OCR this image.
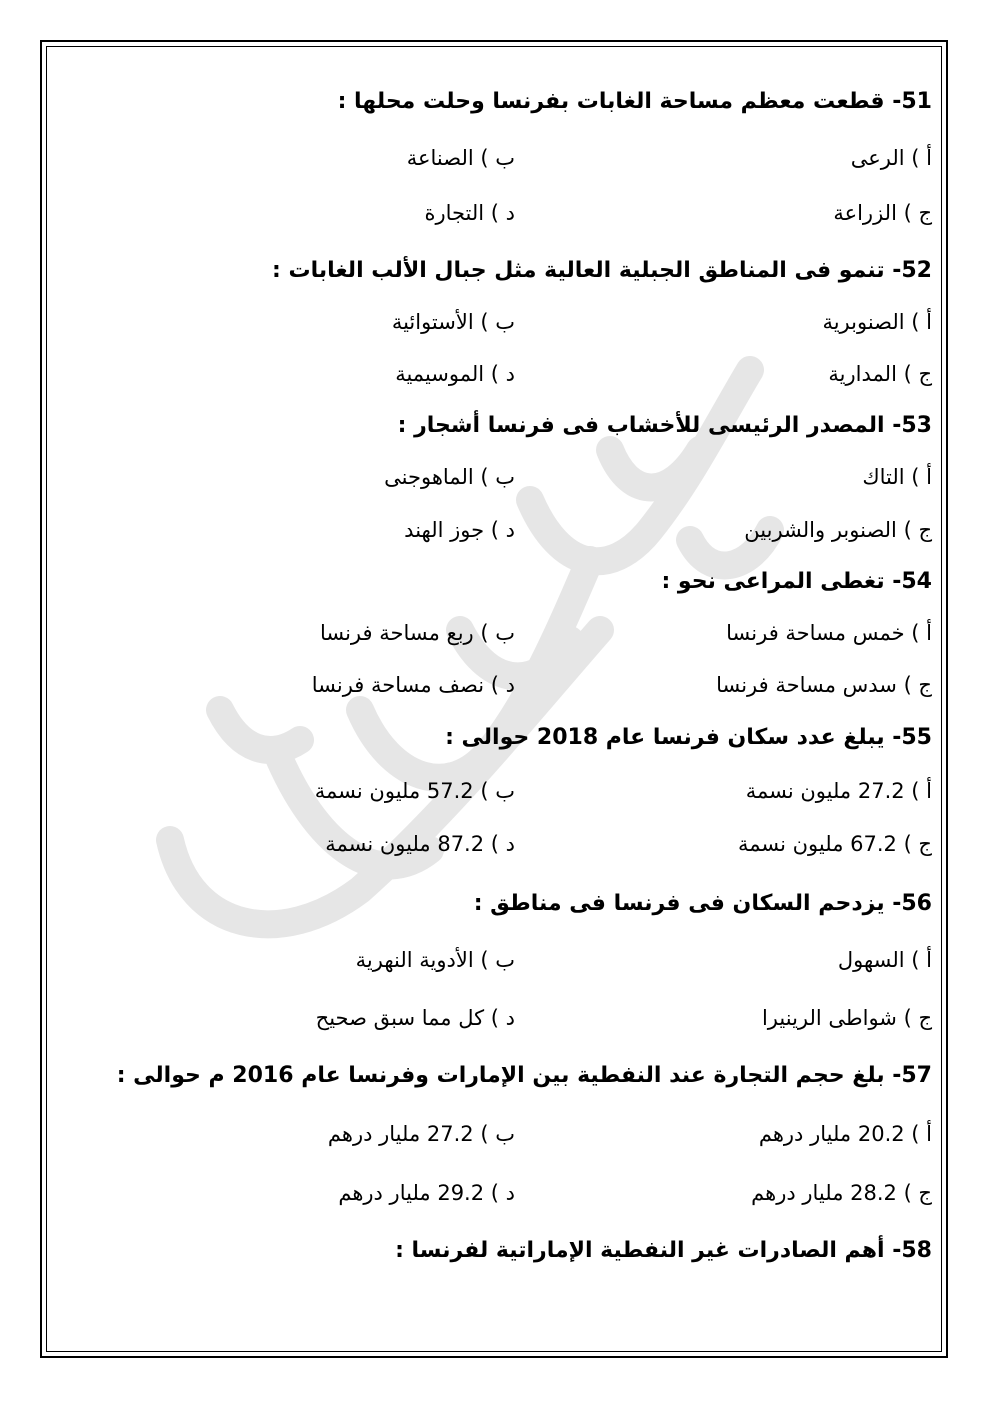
51- قطعت معظم مساحة الغابات بفرنسا وحلت محلها :
أ ) الرعى
ب ) الصناعة
ج ) الزراعة
د ) التجارة
52- تنمو فى المناطق الجبلية العالية مثل جبال الألب الغابات :
أ ) الصنوبرية
ب ) الأستوائية
ج ) المدارية
د ) الموسيمية
53- المصدر الرئيسى للأخشاب فى فرنسا أشجار :
أ ) التاك
ب ) الماهوجنى
ج ) الصنوبر والشربين
د ) جوز الهند
54- تغطى المراعى نحو :
أ ) خمس مساحة فرنسا
ب ) ربع مساحة فرنسا
ج ) سدس مساحة فرنسا
د ) نصف مساحة فرنسا
55- يبلغ عدد سكان فرنسا عام 2018 حوالى :
أ ) 27.2 مليون نسمة
ب ) 57.2 مليون نسمة
ج ) 67.2 مليون نسمة
د ) 87.2 مليون نسمة
56- يزدحم السكان فى فرنسا فى مناطق :
أ ) السهول
ب ) الأدوية النهرية
ج ) شواطى الرينيرا
د ) كل مما سبق صحيح
57- بلغ حجم التجارة عند النفطية بين الإمارات وفرنسا عام 2016 م حوالى :
أ ) 20.2 مليار درهم
ب ) 27.2 مليار درهم
ج ) 28.2 مليار درهم
د ) 29.2 مليار درهم
58- أهم الصادرات غير النفطية الإماراتية لفرنسا :
